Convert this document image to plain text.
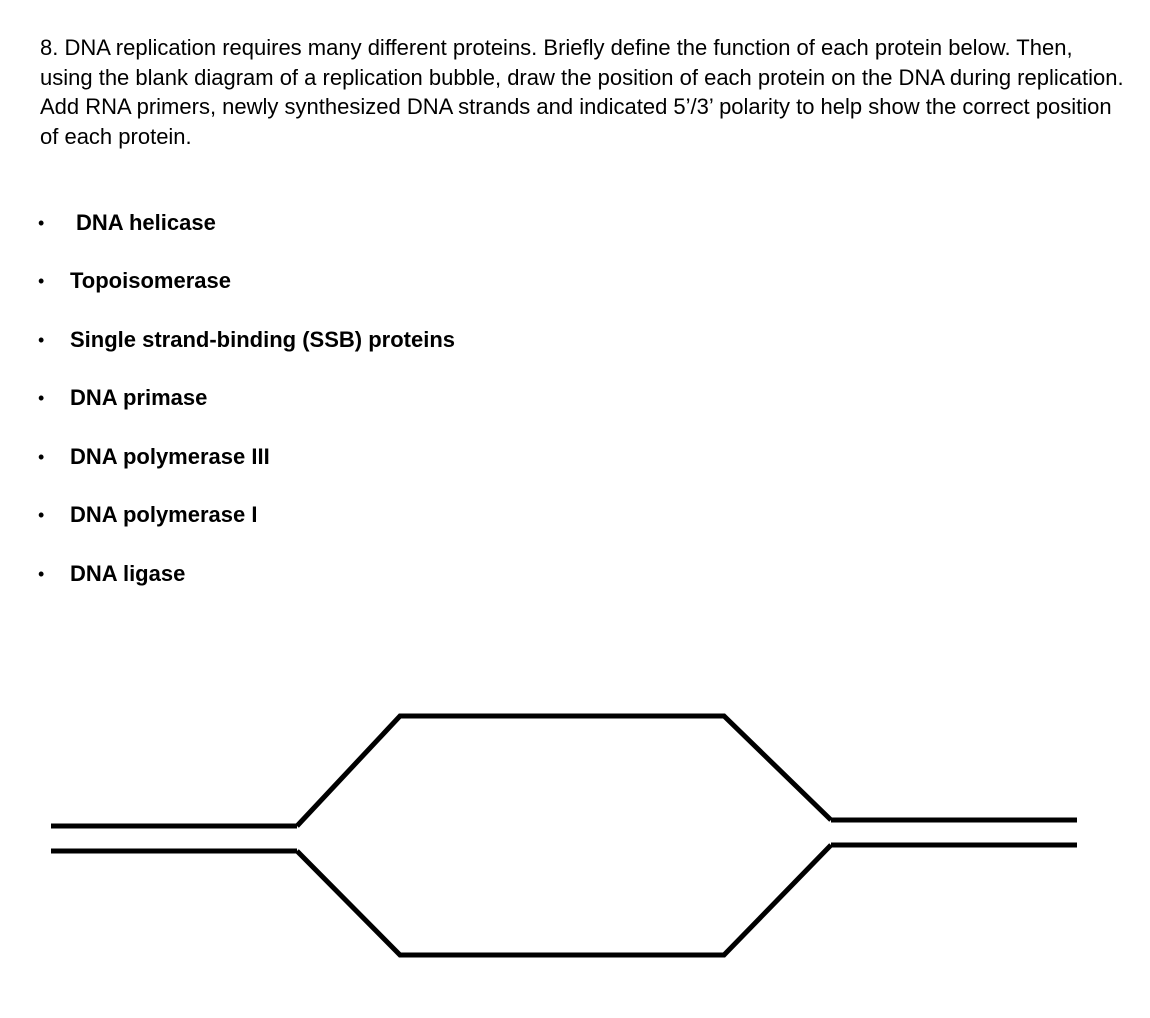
8. DNA replication requires many different proteins. Briefly define the function of each protein below. Then, using the blank diagram of a replication bubble, draw the position of each protein on the DNA during replication. Add RNA primers, newly synthesized DNA strands and indicated 5’/3’ polarity to help show the correct position of each protein.

• DNA helicase
• Topoisomerase
• Single strand-binding (SSB) proteins
• DNA primase
• DNA polymerase III
• DNA polymerase I
• DNA ligase
